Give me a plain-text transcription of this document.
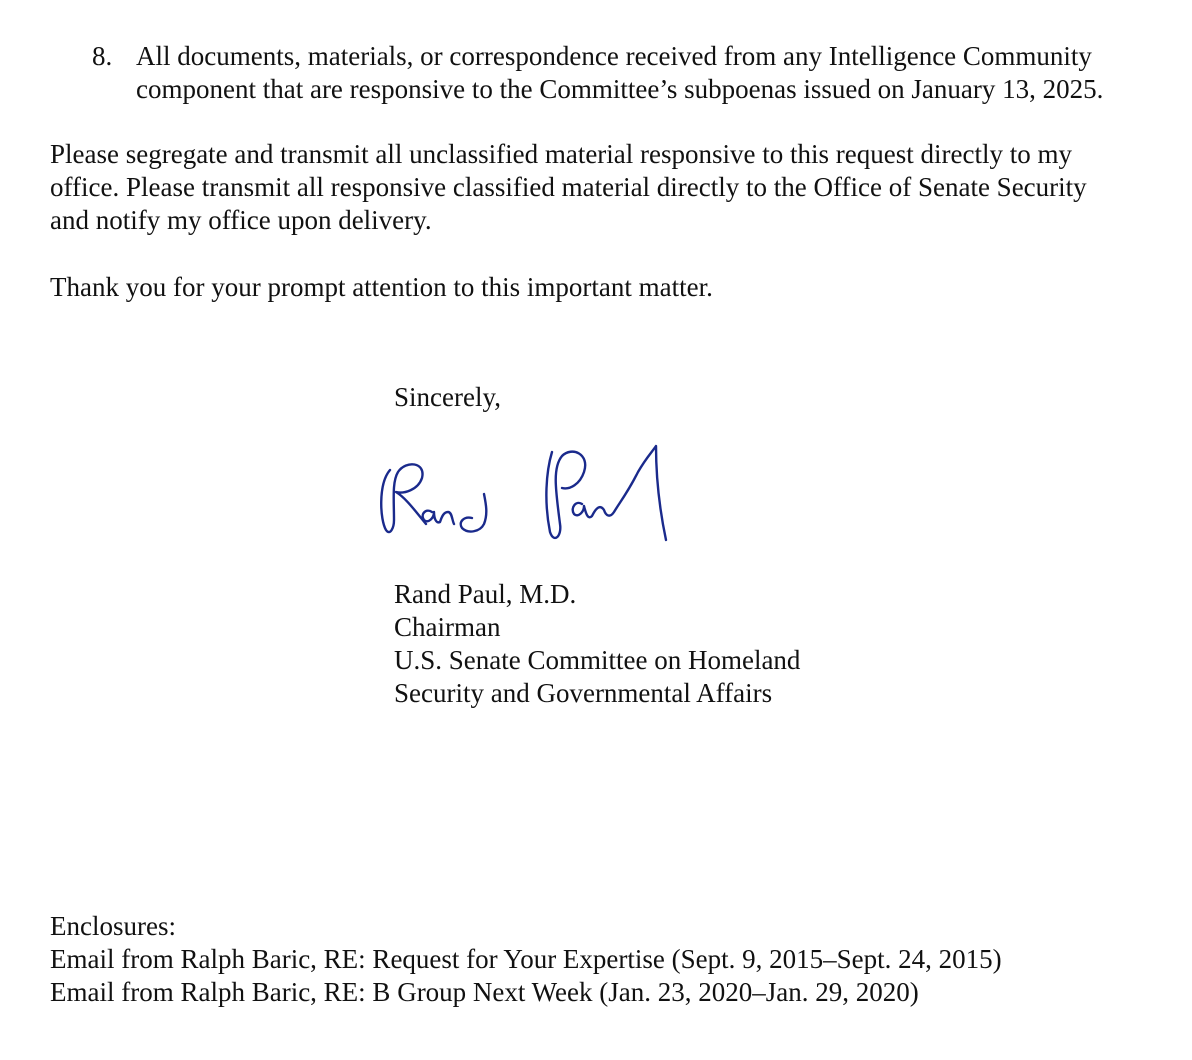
8. All documents, materials, or correspondence received from any Intelligence Community
component that are responsive to the Committee’s subpoenas issued on January 13, 2025.
Please segregate and transmit all unclassified material responsive to this request directly to my
office. Please transmit all responsive classified material directly to the Office of Senate Security
and notify my office upon delivery.
Thank you for your prompt attention to this important matter.
Sincerely,
Rand Paul, M.D.
Chairman
U.S. Senate Committee on Homeland
Security and Governmental Affairs
Enclosures:
Email from Ralph Baric, RE: Request for Your Expertise (Sept. 9, 2015–Sept. 24, 2015)
Email from Ralph Baric, RE: B Group Next Week (Jan. 23, 2020–Jan. 29, 2020)
